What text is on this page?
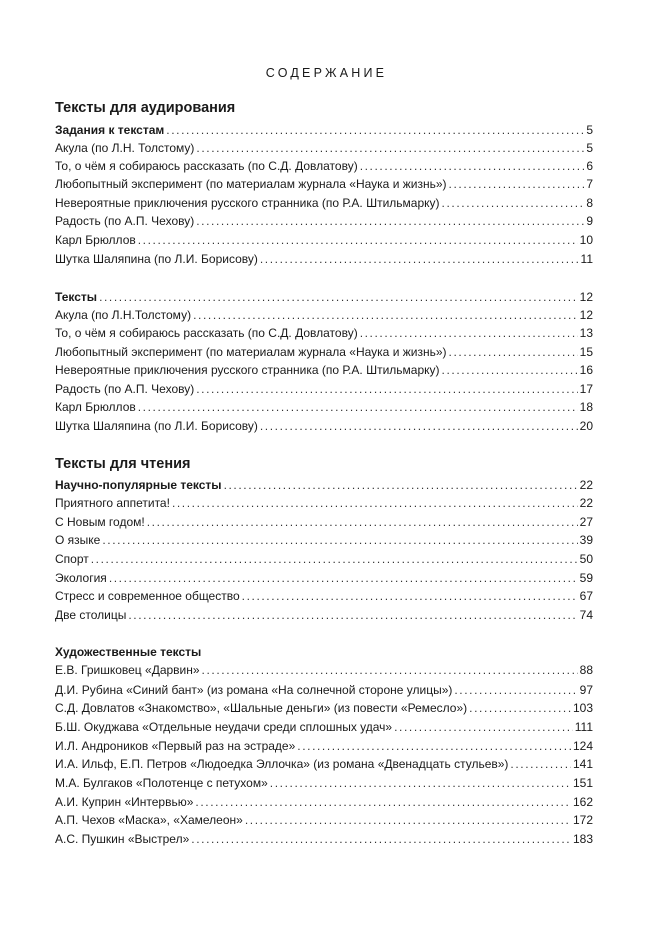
СОДЕРЖАНИЕ
Тексты для аудирования
Задания к текстам .....	5
Акула (по Л.Н. Толстому) .....	5
То, о чём я собираюсь рассказать (по С.Д. Довлатову) .....	6
Любопытный эксперимент (по материалам журнала «Наука и жизнь») .....	7
Невероятные приключения русского странника (по Р.А. Штильмарку) .....	8
Радость (по А.П. Чехову) .....	9
Карл Брюллов .....	10
Шутка Шаляпина (по Л.И. Борисову) .....	11
Тексты .....	12
Акула (по Л.Н.Толстому) .....	12
То, о чём я собираюсь рассказать (по С.Д. Довлатову) .....	13
Любопытный эксперимент (по материалам журнала «Наука и жизнь») .....	15
Невероятные приключения русского странника (по Р.А. Штильмарку) .....	16
Радость (по А.П. Чехову) .....	17
Карл Брюллов .....	18
Шутка Шаляпина (по Л.И. Борисову) .....	20
Тексты для чтения
Научно-популярные тексты .....	22
Приятного аппетита! .....	22
С Новым годом! .....	27
О языке .....	39
Спорт .....	50
Экология .....	59
Стресс и современное общество .....	67
Две столицы .....	74
Художественные тексты
Е.В. Гришковец «Дарвин» .....	88
Д.И. Рубина «Синий бант» (из романа «На солнечной стороне улицы») .....	97
С.Д. Довлатов «Знакомство», «Шальные деньги» (из повести «Ремесло») .....	103
Б.Ш. Окуджава «Отдельные неудачи среди сплошных удач» .....	111
И.Л. Андроников «Первый раз на эстраде» .....	124
И.А. Ильф, Е.П. Петров «Людоедка Эллочка» (из романа «Двенадцать стульев») .....	141
М.А. Булгаков «Полотенце с петухом» .....	151
А.И. Куприн «Интервью» .....	162
А.П. Чехов «Маска», «Хамелеон» .....	172
А.С. Пушкин «Выстрел» .....	183
